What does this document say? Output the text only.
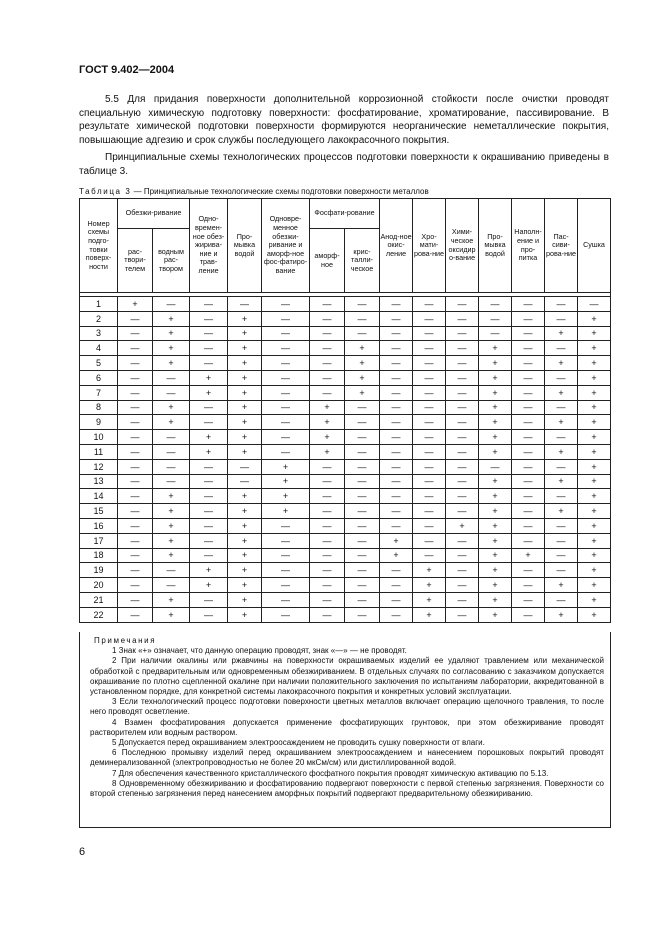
ГОСТ 9.402—2004

5.5 Для придания поверхности дополнительной коррозионной стойкости после очистки проводят специальную химическую подготовку поверхности: фосфатирование, хроматирование, пассивирование. В результате химической подготовки поверхности формируются неорганические неметаллические покрытия, повышающие адгезию и срок службы последующего лакокрасочного покрытия.

Принципиальные схемы технологических процессов подготовки поверхности к окрашиванию приведены в таблице 3.

Таблица 3 — Принципиальные технологические схемы подготовки поверхности металлов
Номер схемы подго-товки поверх-ности	Обезжи-ривание		Одно-времен-ное обез-жирива-ние и трав-ление	Про-мывка водой	Одновре-менное обезжи-ривание и аморф-ное фос-фатиро-вание	Фосфати-рование		Анод-ное окис-ление	Хро-мати-рова-ние	Хими-ческое оксидир о-вание	Про-мывка водой	Наполн-ение и про-питка	Пас-сиви-рова-ние	Сушка
	рас-твори-телем	водным рас-твором				аморф-ное	крис-талли-ческое							

1	+	—	—	—	—	—	—	—	—	—	—	—	—	—
2	—	+	—	+	—	—	—	—	—	—	—	—	—	+
3	—	+	—	+	—	—	—	—	—	—	—	—	+	+
4	—	+	—	+	—	—	+	—	—	—	+	—	—	+
5	—	+	—	+	—	—	+	—	—	—	+	—	+	+
6	—	—	+	+	—	—	+	—	—	—	+	—	—	+
7	—	—	+	+	—	—	+	—	—	—	+	—	+	+
8	—	+	—	+	—	+	—	—	—	—	+	—	—	+
9	—	+	—	+	—	+	—	—	—	—	+	—	+	+
10	—	—	+	+	—	+	—	—	—	—	+	—	—	+
11	—	—	+	+	—	+	—	—	—	—	+	—	+	+
12	—	—	—	—	+	—	—	—	—	—	—	—	—	+
13	—	—	—	—	+	—	—	—	—	—	+	—	+	+
14	—	+	—	+	+	—	—	—	—	—	+	—	—	+
15	—	+	—	+	+	—	—	—	—	—	+	—	+	+
16	—	+	—	+	—	—	—	—	—	+	+	—	—	+
17	—	+	—	+	—	—	—	+	—	—	+	—	—	+
18	—	+	—	+	—	—	—	+	—	—	+	+	—	+
19	—	—	+	+	—	—	—	—	+	—	+	—	—	+
20	—	—	+	+	—	—	—	—	+	—	+	—	+	+
21	—	+	—	+	—	—	—	—	+	—	+	—	—	+
22	—	+	—	+	—	—	—	—	+	—	+	—	+	+
Примечания

1 Знак «+» означает, что данную операцию проводят, знак «—» — не проводят.

2 При наличии окалины или ржавчины на поверхности окрашиваемых изделий ее удаляют травлением или механической обработкой с предварительным или одновременным обезжириванием. В отдельных случаях по согласованию с заказчиком допускается окрашивание по плотно сцепленной окалине при наличии положительного заключения по испытаниям лаборатории, аккредитованной в установленном порядке, для конкретной системы лакокрасочного покрытия и конкретных условий эксплуатации.

3 Если технологический процесс подготовки поверхности цветных металлов включает операцию щелочного травления, то после него проводят осветление.

4 Взамен фосфатирования допускается применение фосфатирующих грунтовок, при этом обезжиривание проводят растворителем или водным раствором.

5 Допускается перед окрашиванием электроосаждением не проводить сушку поверхности от влаги.

6 Последнюю промывку изделий перед окрашиванием электроосаждением и нанесением порошковых покрытий проводят деминерализованной (электропроводностью не более 20 мкСм/см) или дистиллированной водой.

7 Для обеспечения качественного кристаллического фосфатного покрытия проводят химическую активацию по 5.13.

8 Одновременному обезжириванию и фосфатированию подвергают поверхности с первой степенью загрязнения. Поверхности со второй степенью загрязнения перед нанесением аморфных покрытий подвергают предварительному обезжириванию.

6
